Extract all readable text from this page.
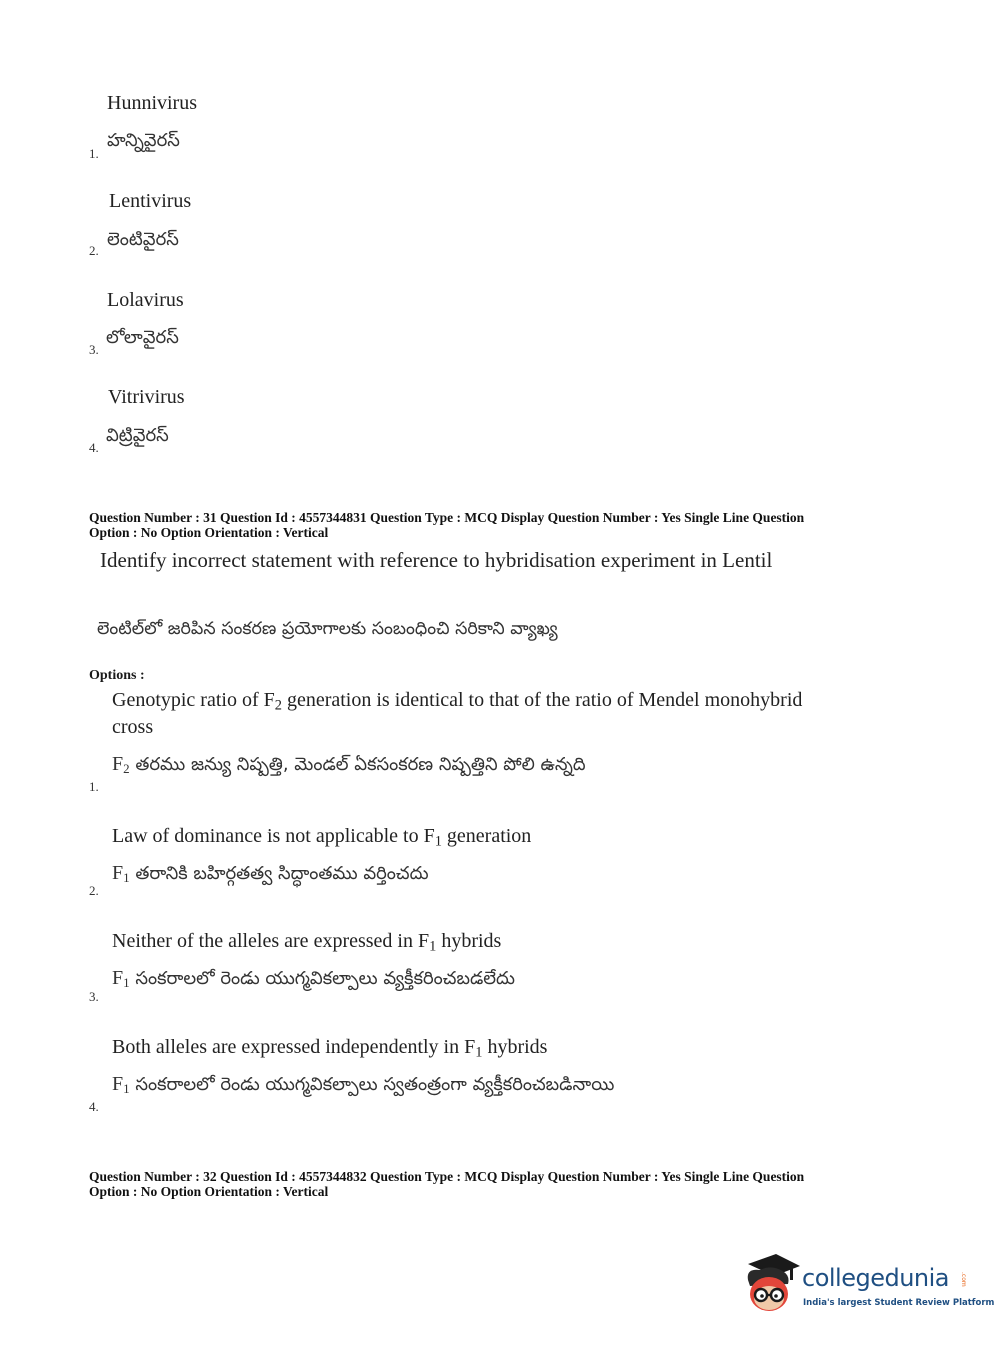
Hunnivirus
హన్నివైరస్
1.
Lentivirus
లెంటివైరస్
2.
Lolavirus
లోలావైరస్
3.
Vitrivirus
విట్రివైరస్
4.
Question Number : 31 Question Id : 4557344831 Question Type : MCQ Display Question Number : Yes Single Line Question
Option : No Option Orientation : Vertical
Identify incorrect statement with reference to hybridisation experiment in Lentil
లెంటిల్‌లో జరిపిన సంకరణ ప్రయోగాలకు సంబంధించి సరికాని వ్యాఖ్య
Options :
Genotypic ratio of $F_2$ generation is identical to that of the ratio of Mendel monohybrid
cross
$F_2$ తరము జన్యు నిష్పత్తి, మెండల్ ఏకసంకరణ నిష్పత్తిని పోలి ఉన్నది
1.
Law of dominance is not applicable to $F_1$ generation
$F_1$ తరానికి బహిర్గతత్వ సిద్ధాంతము వర్తించదు
2.
Neither of the alleles are expressed in $F_1$ hybrids
$F_1$ సంకరాలలో రెండు యుగ్మవికల్పాలు వ్యక్తీకరించబడలేదు
3.
Both alleles are expressed independently in $F_1$ hybrids
$F_1$ సంకరాలలో రెండు యుగ్మవికల్పాలు స్వతంత్రంగా వ్యక్తీకరించబడినాయి
4.
Question Number : 32 Question Id : 4557344832 Question Type : MCQ Display Question Number : Yes Single Line Question
Option : No Option Orientation : Vertical
collegedunia .com
India's largest Student Review Platform
